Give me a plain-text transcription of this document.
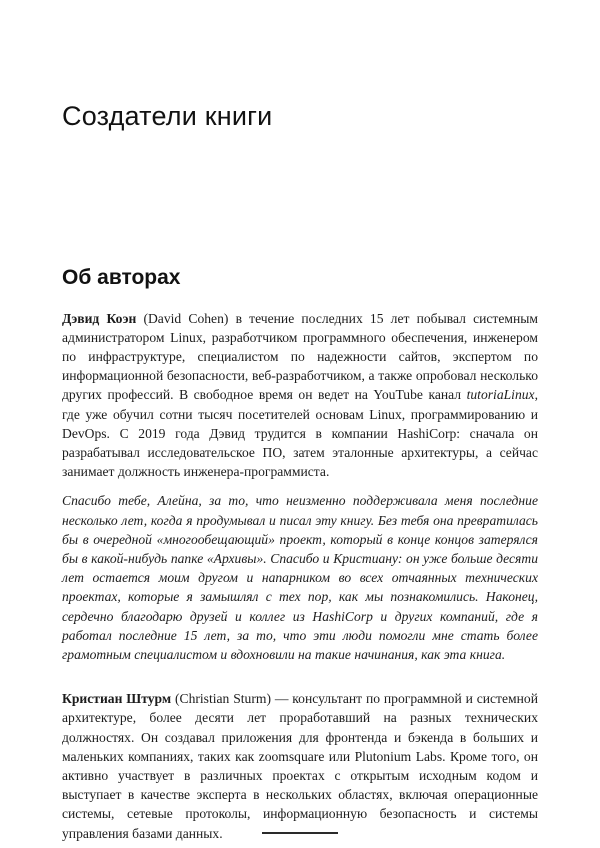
Создатели книги
Об авторах

Дэвид Коэн (David Cohen) в течение последних 15 лет побывал системным администратором Linux, разработчиком программного обеспечения, инженером по инфраструктуре, специалистом по надежности сайтов, экспертом по информационной безопасности, веб-разработчиком, а также опробовал несколько других профессий. В свободное время он ведет на YouTube канал tutoriaLinux, где уже обучил сотни тысяч посетителей основам Linux, программированию и DevOps. С 2019 года Дэвид трудится в компании HashiCorp: сначала он разрабатывал исследовательское ПО, затем эталонные архитектуры, а сейчас занимает должность инженера-программиста.

Спасибо тебе, Алейна, за то, что неизменно поддерживала меня последние несколько лет, когда я продумывал и писал эту книгу. Без тебя она превратилась бы в очередной «многообещающий» проект, который в конце концов затерялся бы в какой-нибудь папке «Архивы». Спасибо и Кристиану: он уже больше десяти лет остается моим другом и напарником во всех отчаянных технических проектах, которые я замышлял с тех пор, как мы познакомились. Наконец, сердечно благодарю друзей и коллег из HashiCorp и других компаний, где я работал последние 15 лет, за то, что эти люди помогли мне стать более грамотным специалистом и вдохновили на такие начинания, как эта книга.

Кристиан Штурм (Christian Sturm) — консультант по программной и системной архитектуре, более десяти лет проработавший на разных технических должностях. Он создавал приложения для фронтенда и бэкенда в больших и маленьких компаниях, таких как zoomsquare или Plutonium Labs. Кроме того, он активно участвует в различных проектах с открытым исходным кодом и выступает в качестве эксперта в нескольких областях, включая операционные системы, сетевые протоколы, информационную безопасность и системы управления базами данных.
